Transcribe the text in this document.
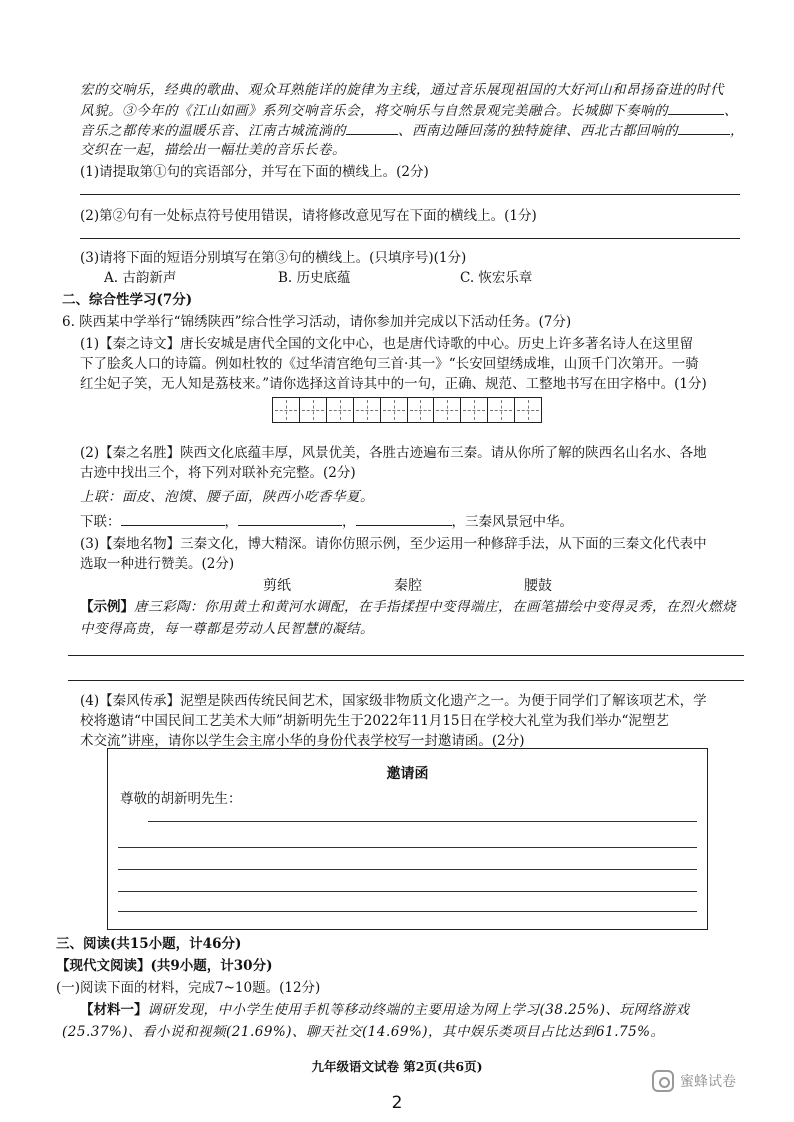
宏的交响乐，经典的歌曲、观众耳熟能详的旋律为主线，通过音乐展现祖国的大好河山和昂扬奋进的时代
风貌。③今年的《江山如画》系列交响音乐会，将交响乐与自然景观完美融合。长城脚下奏响的	、
音乐之都传来的温暖乐音、江南古城流淌的	、西南边陲回荡的独特旋律、西北古都回响的	，
交织在一起，描绘出一幅壮美的音乐长卷。
(1)请提取第①句的宾语部分，并写在下面的横线上。(2分)
(2)第②句有一处标点符号使用错误，请将修改意见写在下面的横线上。(1分)
(3)请将下面的短语分别填写在第③句的横线上。(只填序号)(1分)
A. 古韵新声	B. 历史底蕴	C. 恢宏乐章
二、综合性学习(7分)
6. 陕西某中学举行“锦绣陕西”综合性学习活动，请你参加并完成以下活动任务。(7分)
(1)【秦之诗文】唐长安城是唐代全国的文化中心，也是唐代诗歌的中心。历史上许多著名诗人在这里留
下了脍炙人口的诗篇。例如杜牧的《过华清宫绝句三首·其一》“长安回望绣成堆，山顶千门次第开。一骑
红尘妃子笑，无人知是荔枝来。”请你选择这首诗其中的一句，正确、规范、工整地书写在田字格中。(1分)
(2)【秦之名胜】陕西文化底蕴丰厚，风景优美，各胜古迹遍布三秦。请从你所了解的陕西名山名水、各地
古迹中找出三个，将下列对联补充完整。(2分)
上联：面皮、泡馍、腰子面，陕西小吃香华夏。
下联：	，	，	，三秦风景冠中华。
(3)【秦地名物】三秦文化，博大精深。请你仿照示例，至少运用一种修辞手法，从下面的三秦文化代表中
选取一种进行赞美。(2分)
剪纸	秦腔	腰鼓
【示例】唐三彩陶：你用黄土和黄河水调配，在手指揉捏中变得端庄，在画笔描绘中变得灵秀，在烈火燃烧
中变得高贵，每一尊都是劳动人民智慧的凝结。
(4)【秦风传承】泥塑是陕西传统民间艺术，国家级非物质文化遗产之一。为便于同学们了解该项艺术，学
校将邀请“中国民间工艺美术大师”胡新明先生于2022年11月15日在学校大礼堂为我们举办“泥塑艺
术交流”讲座，请你以学生会主席小华的身份代表学校写一封邀请函。(2分)
邀请函
尊敬的胡新明先生：
三、阅读(共15小题，计46分)
【现代文阅读】(共9小题，计30分)
(一)阅读下面的材料，完成7~10题。(12分)
【材料一】调研发现，中小学生使用手机等移动终端的主要用途为网上学习(38.25%)、玩网络游戏
(25.37%)、看小说和视频(21.69%)、聊天社交(14.69%)，其中娱乐类项目占比达到61.75%。
九年级语文试卷 第2页(共6页)
2
蜜蜂试卷
